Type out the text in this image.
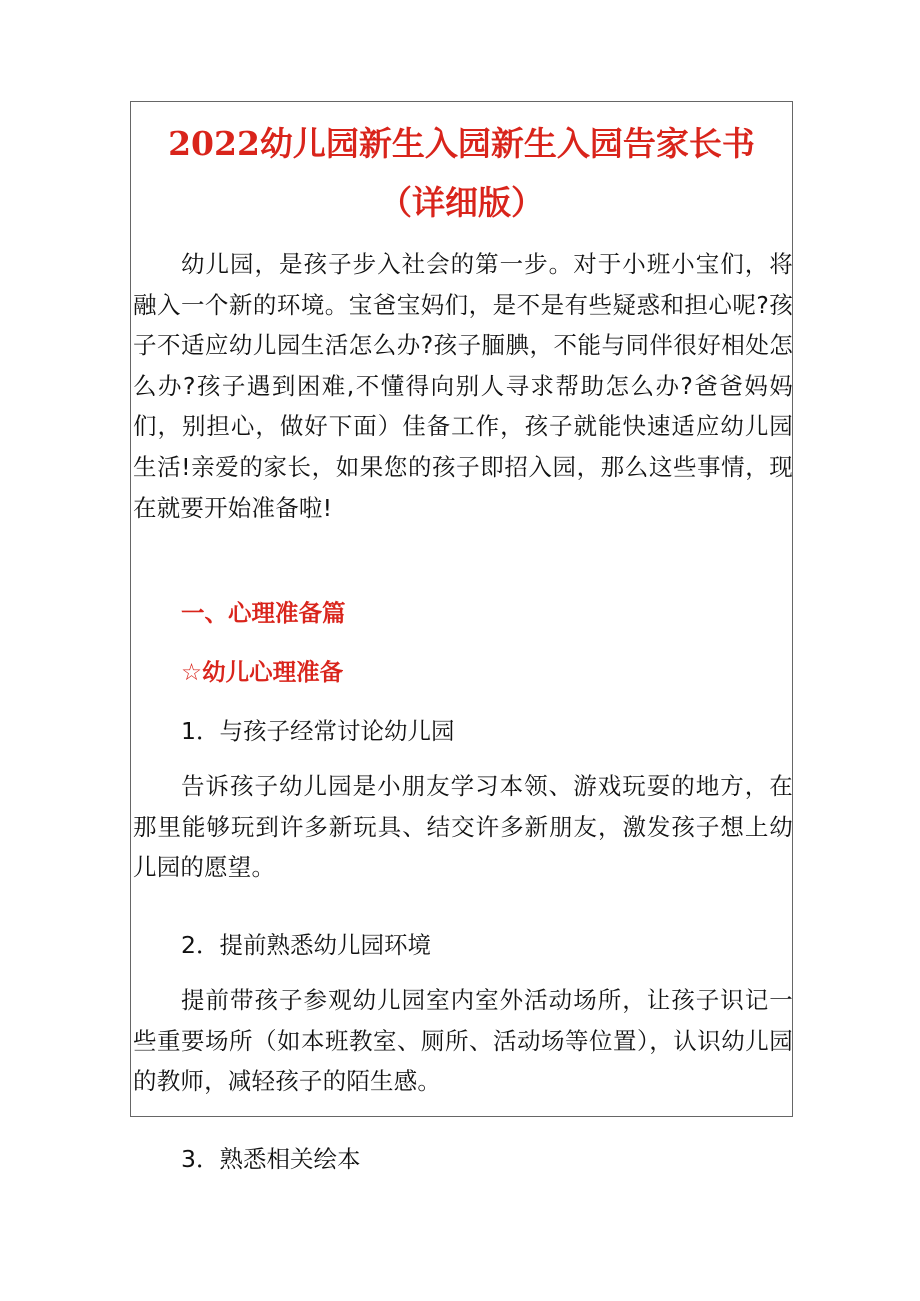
2022幼儿园新生入园新生入园告家长书
（详细版）

幼儿园，是孩子步入社会的第一步。对于小班小宝们，将融入一个新的环境。宝爸宝妈们，是不是有些疑惑和担心呢?孩子不适应幼儿园生活怎么办?孩子腼腆，不能与同伴很好相处怎么办?孩子遇到困难,不懂得向别人寻求帮助怎么办?爸爸妈妈们，别担心，做好下面）佳备工作，孩子就能快速适应幼儿园生活!亲爱的家长，如果您的孩子即招入园，那么这些事情，现在就要开始准备啦!

一、心理准备篇
☆幼儿心理准备
1．与孩子经常讨论幼儿园

告诉孩子幼儿园是小朋友学习本领、游戏玩耍的地方，在那里能够玩到许多新玩具、结交许多新朋友，激发孩子想上幼儿园的愿望。

2．提前熟悉幼儿园环境

提前带孩子参观幼儿园室内室外活动场所，让孩子识记一些重要场所（如本班教室、厕所、活动场等位置），认识幼儿园的教师，减轻孩子的陌生感。

3．熟悉相关绘本
